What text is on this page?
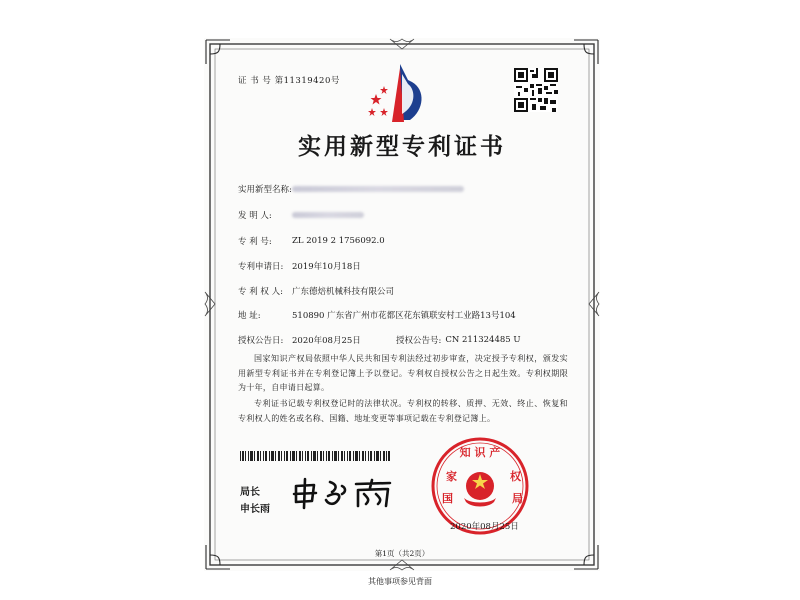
证 书 号 第11319420号
实用新型专利证书
实用新型名称:
发 明 人:
专 利 号:	ZL 2019 2 1756092.0
专利申请日:	2019年10月18日
专 利 权 人:	广东德焙机械科技有限公司
地 址:	510890 广东省广州市花都区花东镇联安村工业路13号104
授权公告日:	2020年08月25日	授权公告号: CN 211324485 U
国家知识产权局依照中华人民共和国专利法经过初步审查，决定授予专利权，颁发实用新型专利证书并在专利登记簿上予以登记。专利权自授权公告之日起生效。专利权期限为十年，自申请日起算。
专利证书记载专利权登记时的法律状况。专利权的转移、质押、无效、终止、恢复和专利权人的姓名或名称、国籍、地址变更等事项记载在专利登记簿上。
局长
申长雨
知 识 产
家
国
权
局
2020年08月25日
第1页（共2页）
其他事项参见背面
